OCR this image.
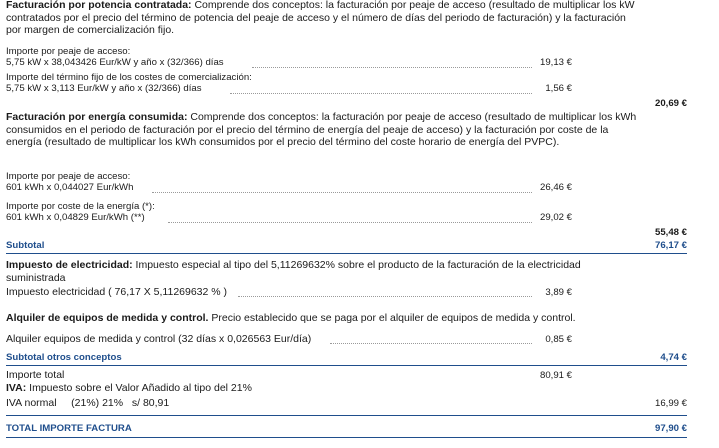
Facturación por potencia contratada: Comprende dos conceptos: la facturación por peaje de acceso (resultado de multiplicar los kW contratados por el precio del término de potencia del peaje de acceso y el número de días del periodo de facturación) y la facturación por margen de comercialización fijo.
Importe por peaje de acceso:
5,75 kW x 38,043426 Eur/kW y año x (32/366) días	19,13 €
Importe del término fijo de los costes de comercialización:
5,75 kW x 3,113 Eur/kW y año x (32/366) días	1,56 €
20,69 €
Facturación por energía consumida: Comprende dos conceptos: la facturación por peaje de acceso (resultado de multiplicar los kWh consumidos en el periodo de facturación por el precio del término de energía del peaje de acceso) y la facturación por coste de la energía (resultado de multiplicar los kWh consumidos por el precio del término del coste horario de energía del PVPC).
Importe por peaje de acceso:
601 kWh x 0,044027 Eur/kWh	26,46 €
Importe por coste de la energía (*):
601 kWh x 0,04829 Eur/kWh (**)	29,02 €
55,48 €
Subtotal	76,17 €
Impuesto de electricidad: Impuesto especial al tipo del 5,11269632% sobre el producto de la facturación de la electricidad suministrada
Impuesto electricidad ( 76,17 X 5,11269632 % )	3,89 €
Alquiler de equipos de medida y control. Precio establecido que se paga por el alquiler de equipos de medida y control.
Alquiler equipos de medida y control (32 días x 0,026563 Eur/día)	0,85 €
Subtotal otros conceptos	4,74 €
Importe total	80,91 €
IVA: Impuesto sobre el Valor Añadido al tipo del 21%
IVA normal     (21%) 21%   s/ 80,91	16,99 €
TOTAL IMPORTE FACTURA	97,90 €
